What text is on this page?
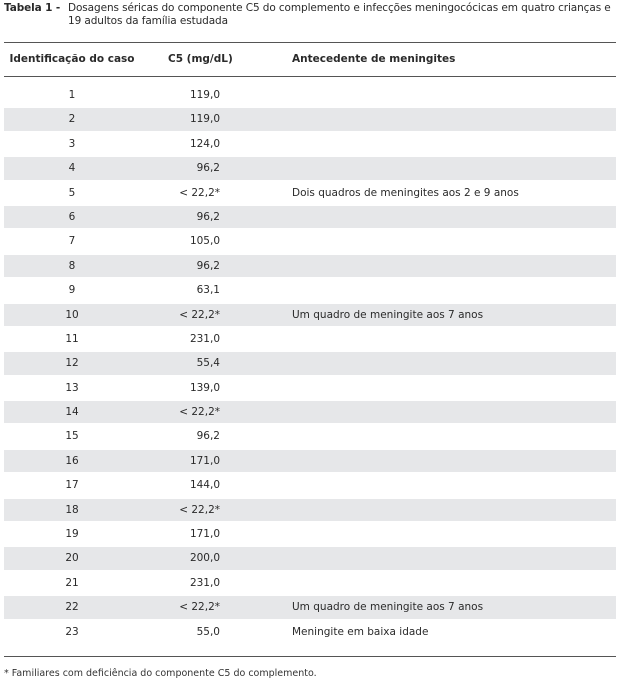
Tabela 1 - Dosagens séricas do componente C5 do complemento e infecções meningocócicas em quatro crianças e 19 adultos da família estudada
Identificação do caso	C5 (mg/dL)	Antecedente de meningites
1	119,0
2	119,0
3	124,0
4	96,2
5	< 22,2*	Dois quadros de meningites aos 2 e 9 anos
6	96,2
7	105,0
8	96,2
9	63,1
10	< 22,2*	Um quadro de meningite aos 7 anos
11	231,0
12	55,4
13	139,0
14	< 22,2*
15	96,2
16	171,0
17	144,0
18	< 22,2*
19	171,0
20	200,0
21	231,0
22	< 22,2*	Um quadro de meningite aos 7 anos
23	55,0	Meningite em baixa idade
* Familiares com deficiência do componente C5 do complemento.
